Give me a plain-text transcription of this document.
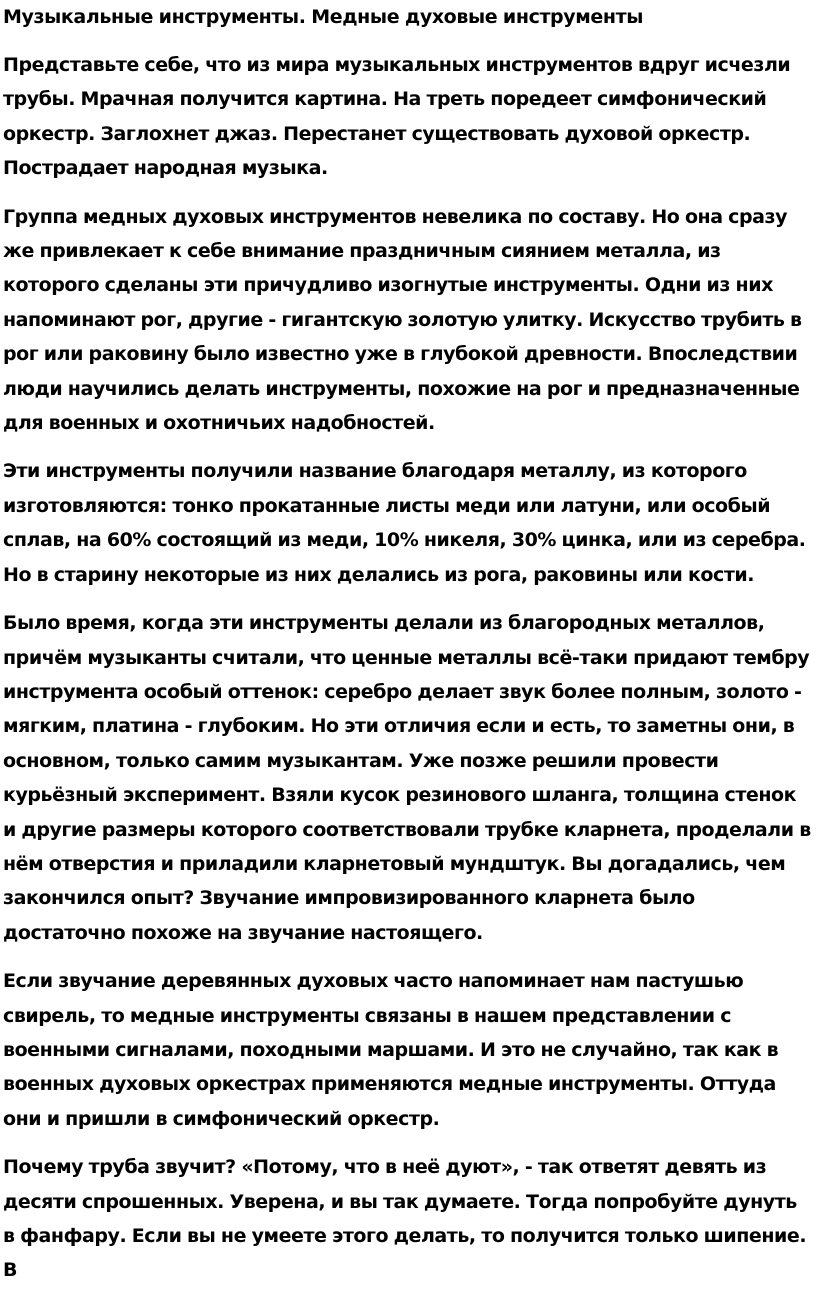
Музыкальные инструменты. Медные духовые инструменты

Представьте себе, что из мира музыкальных инструментов вдруг исчезли трубы. Мрачная получится картина. На треть поредеет симфонический оркестр. Заглохнет джаз. Перестанет существовать духовой оркестр. Пострадает народная музыка.

Группа медных духовых инструментов невелика по составу. Но она сразу же привлекает к себе внимание праздничным сиянием металла, из которого сделаны эти причудливо изогнутые инструменты. Одни из них напоминают рог, другие - гигантскую золотую улитку. Искусство трубить в рог или раковину было известно уже в глубокой древности. Впоследствии люди научились делать инструменты, похожие на рог и предназначенные для военных и охотничьих надобностей.

Эти инструменты получили название благодаря металлу, из которого изготовляются: тонко прокатанные листы меди или латуни, или особый сплав, на 60% состоящий из меди, 10% никеля, 30% цинка, или из серебра. Но в старину некоторые из них делались из рога, раковины или кости.

Было время, когда эти инструменты делали из благородных металлов, причём музыканты считали, что ценные металлы всё-таки придают тембру инструмента особый оттенок: серебро делает звук более полным, золото - мягким, платина - глубоким. Но эти отличия если и есть, то заметны они, в основном, только самим музыкантам. Уже позже решили провести курьёзный эксперимент. Взяли кусок резинового шланга, толщина стенок и другие размеры которого соответствовали трубке кларнета, проделали в нём отверстия и приладили кларнетовый мундштук. Вы догадались, чем закончился опыт? Звучание импровизированного кларнета было достаточно похоже на звучание настоящего.

Если звучание деревянных духовых часто напоминает нам пастушью свирель, то медные инструменты связаны в нашем представлении с военными сигналами, походными маршами. И это не случайно, так как в военных духовых оркестрах применяются медные инструменты. Оттуда они и пришли в симфонический оркестр.

Почему труба звучит? «Потому, что в неё дуют», - так ответят девять из десяти спрошенных. Уверена, и вы так думаете. Тогда попробуйте дунуть в фанфару. Если вы не умеете этого делать, то получится только шипение. В
